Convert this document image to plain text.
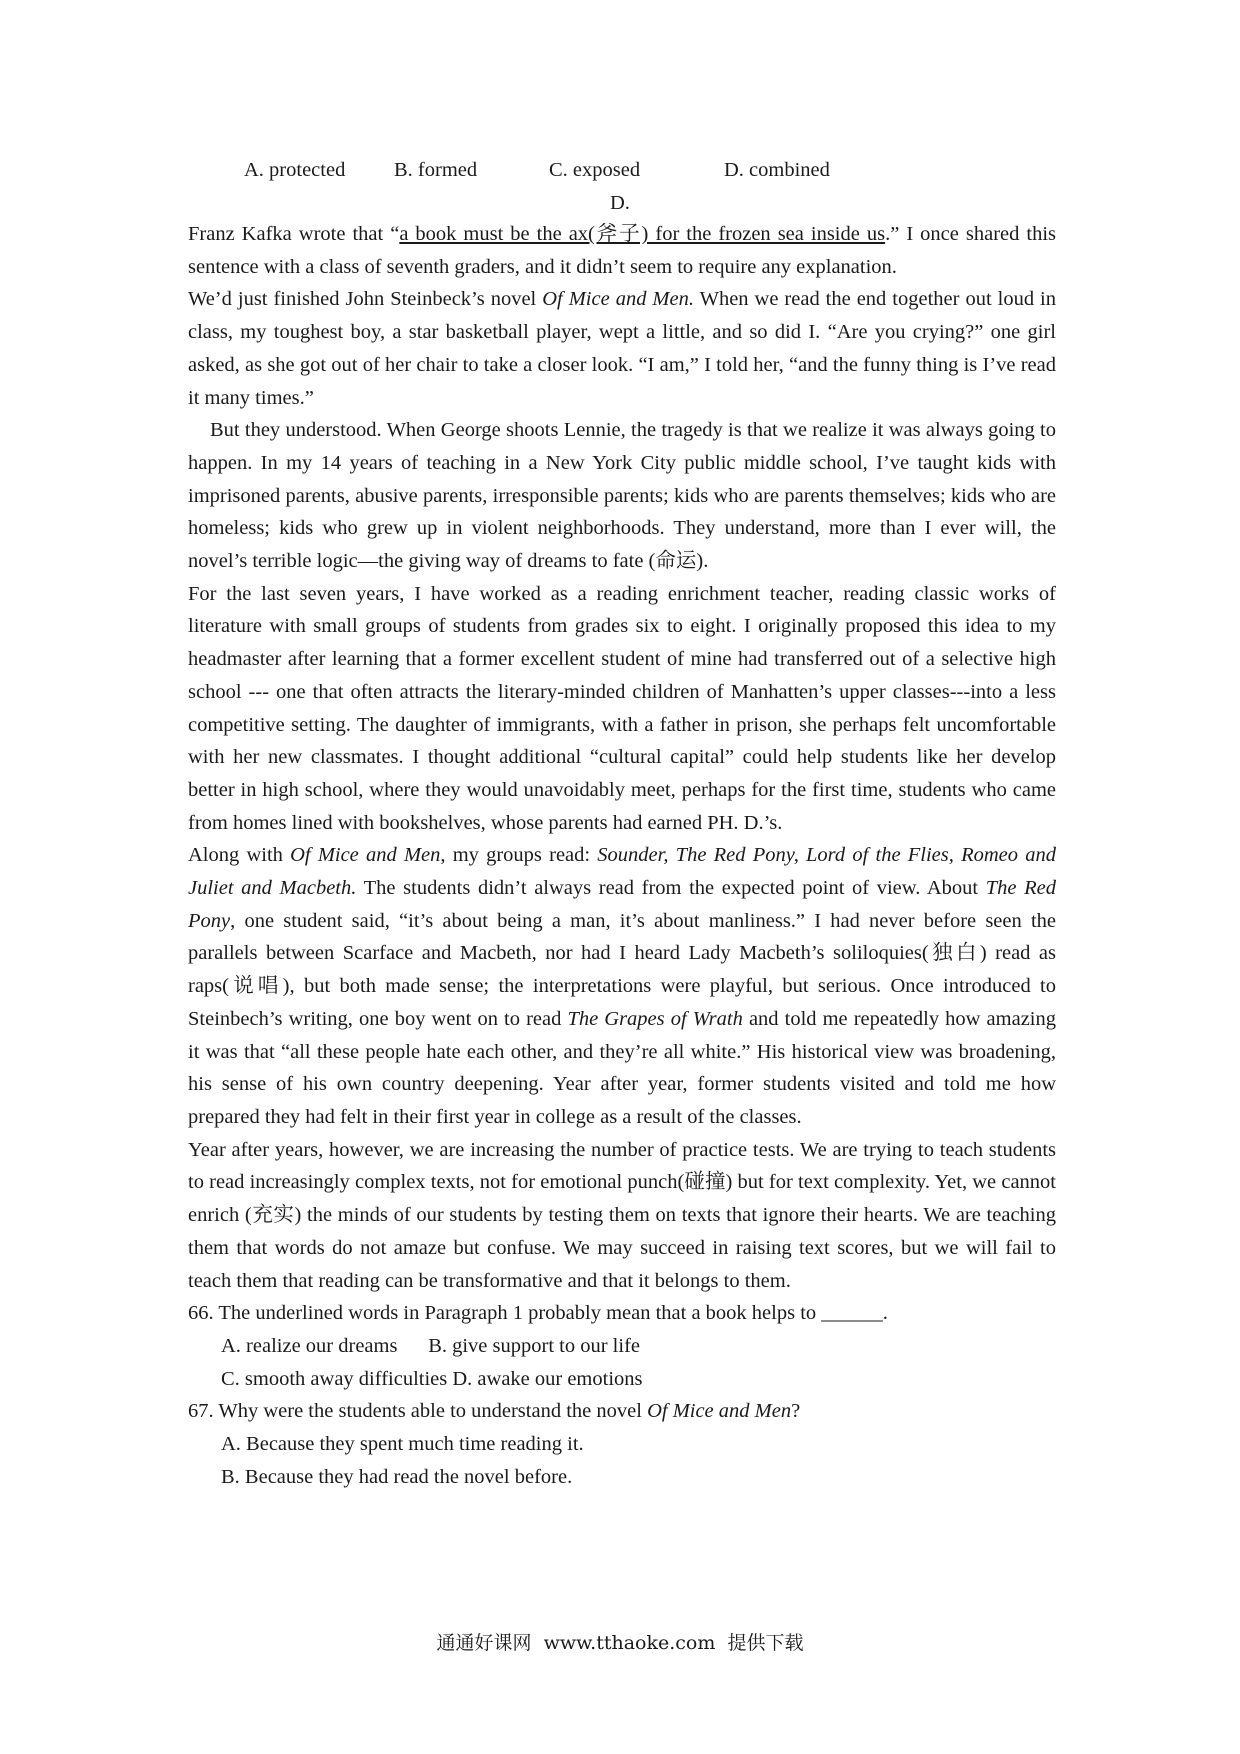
A. protected B. formed	C. exposed	D. combined
D.

Franz Kafka wrote that “a book must be the ax(斧子) for the frozen sea inside us.” I once shared this sentence with a class of seventh graders, and it didn’t seem to require any explanation.

We’d just finished John Steinbeck’s novel Of Mice and Men. When we read the end together out loud in class, my toughest boy, a star basketball player, wept a little, and so did I. “Are you crying?” one girl asked, as she got out of her chair to take a closer look. “I am,” I told her, “and the funny thing is I’ve read it many times.”

But they understood. When George shoots Lennie, the tragedy is that we realize it was always going to happen. In my 14 years of teaching in a New York City public middle school, I’ve taught kids with imprisoned parents, abusive parents, irresponsible parents; kids who are parents themselves; kids who are homeless; kids who grew up in violent neighborhoods. They understand, more than I ever will, the novel’s terrible logic—the giving way of dreams to fate (命运).

For the last seven years, I have worked as a reading enrichment teacher, reading classic works of literature with small groups of students from grades six to eight. I originally proposed this idea to my headmaster after learning that a former excellent student of mine had transferred out of a selective high school --- one that often attracts the literary-minded children of Manhatten’s upper classes---into a less competitive setting. The daughter of immigrants, with a father in prison, she perhaps felt uncomfortable with her new classmates. I thought additional “cultural capital” could help students like her develop better in high school, where they would unavoidably meet, perhaps for the first time, students who came from homes lined with bookshelves, whose parents had earned PH. D.’s.

Along with Of Mice and Men, my groups read: Sounder, The Red Pony, Lord of the Flies, Romeo and Juliet and Macbeth. The students didn’t always read from the expected point of view. About The Red Pony, one student said, “it’s about being a man, it’s about manliness.” I had never before seen the parallels between Scarface and Macbeth, nor had I heard Lady Macbeth’s soliloquies(独白) read as raps(说唱), but both made sense; the interpretations were playful, but serious. Once introduced to Steinbech’s writing, one boy went on to read The Grapes of Wrath and told me repeatedly how amazing it was that “all these people hate each other, and they’re all white.” His historical view was broadening, his sense of his own country deepening. Year after year, former students visited and told me how prepared they had felt in their first year in college as a result of the classes.

Year after years, however, we are increasing the number of practice tests. We are trying to teach students to read increasingly complex texts, not for emotional punch(碰撞) but for text complexity. Yet, we cannot enrich (充实) the minds of our students by testing them on texts that ignore their hearts. We are teaching them that words do not amaze but confuse. We may succeed in raising text scores, but we will fail to teach them that reading can be transformative and that it belongs to them.

66. The underlined words in Paragraph 1 probably mean that a book helps to ______.

A. realize our dreams      B. give support to our life

C. smooth away difficulties D. awake our emotions

67. Why were the students able to understand the novel Of Mice and Men?

A. Because they spent much time reading it.

B. Because they had read the novel before.

通通好课网  www.tthaoke.com  提供下载
